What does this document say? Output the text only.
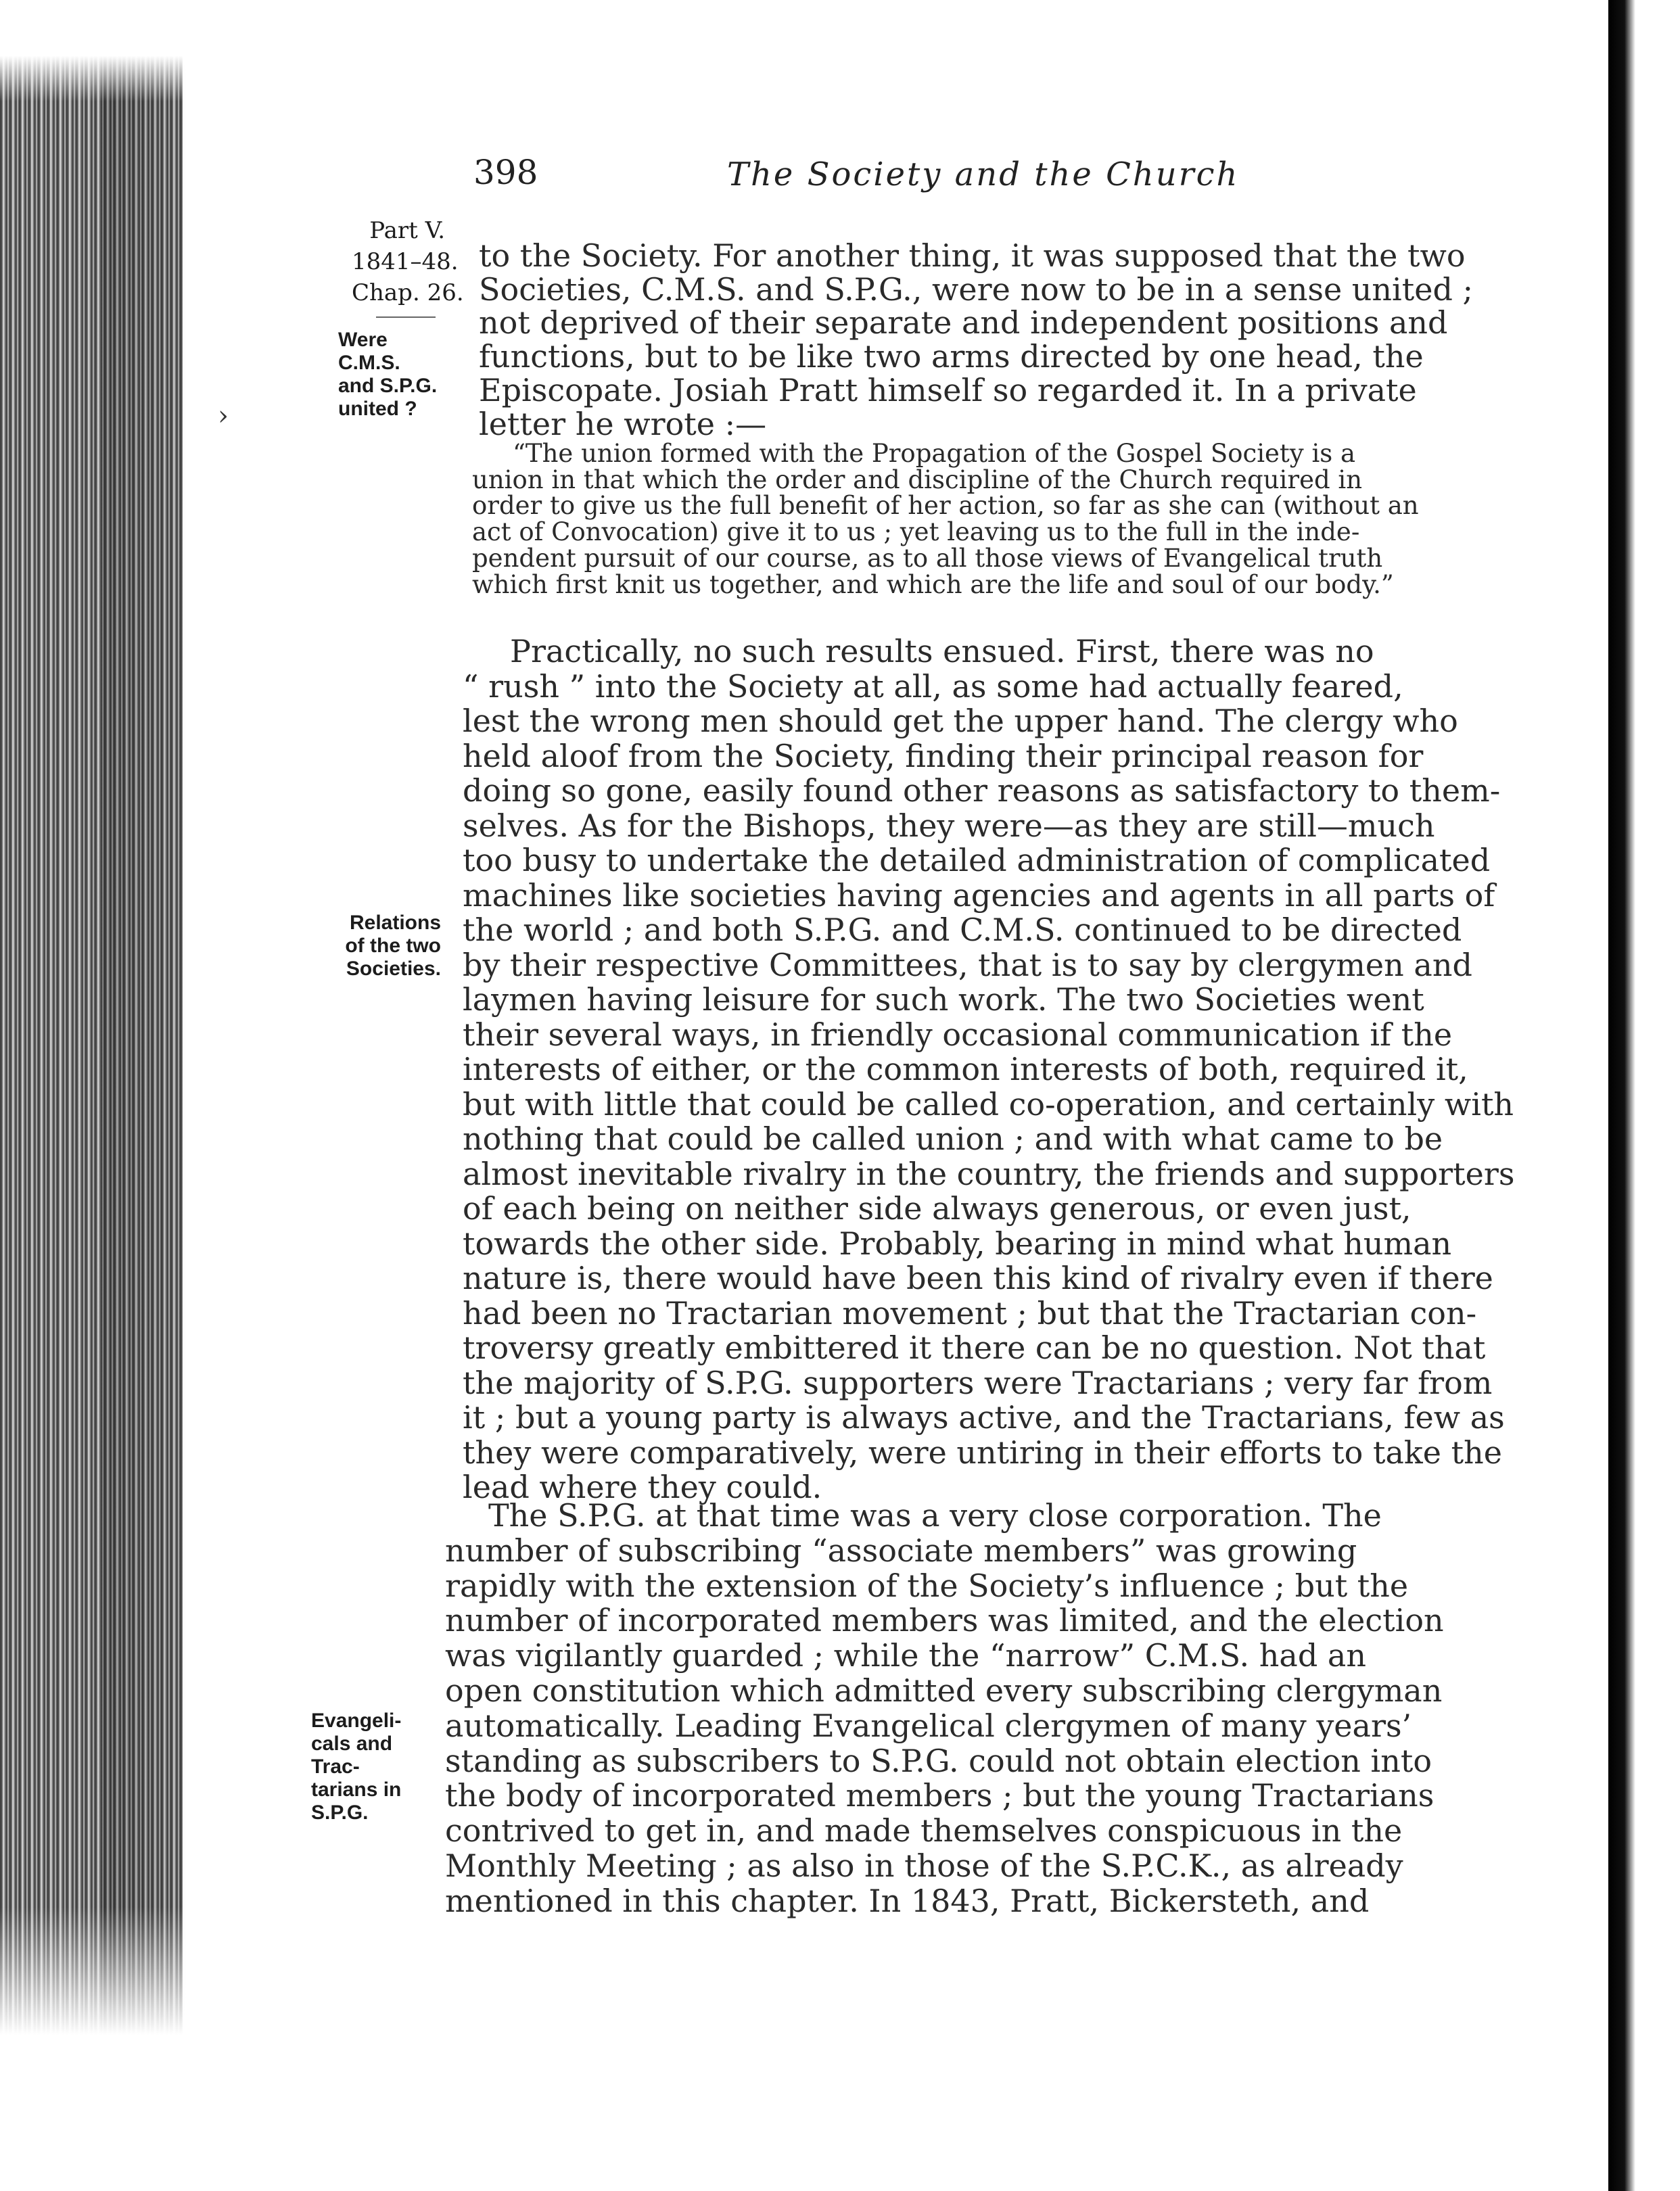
›
398	The Society and the Church
Part V.
1841–48.
Chap. 26.
Were
C.M.S.
and S.P.G.
united ?
Relations
of the two
Societies.
Evangeli-
cals and
Trac-
tarians in
S.P.G.
to the Society. For another thing, it was supposed that the two
Societies, C.M.S. and S.P.G., were now to be in a sense united ;
not deprived of their separate and independent positions and
functions, but to be like two arms directed by one head, the
Episcopate. Josiah Pratt himself so regarded it. In a private
letter he wrote :—
“The union formed with the Propagation of the Gospel Society is a
union in that which the order and discipline of the Church required in
order to give us the full benefit of her action, so far as she can (without an
act of Convocation) give it to us ; yet leaving us to the full in the inde-
pendent pursuit of our course, as to all those views of Evangelical truth
which first knit us together, and which are the life and soul of our body.”
Practically, no such results ensued. First, there was no
“ rush ” into the Society at all, as some had actually feared,
lest the wrong men should get the upper hand. The clergy who
held aloof from the Society, finding their principal reason for
doing so gone, easily found other reasons as satisfactory to them-
selves. As for the Bishops, they were—as they are still—much
too busy to undertake the detailed administration of complicated
machines like societies having agencies and agents in all parts of
the world ; and both S.P.G. and C.M.S. continued to be directed
by their respective Committees, that is to say by clergymen and
laymen having leisure for such work. The two Societies went
their several ways, in friendly occasional communication if the
interests of either, or the common interests of both, required it,
but with little that could be called co-operation, and certainly with
nothing that could be called union ; and with what came to be
almost inevitable rivalry in the country, the friends and supporters
of each being on neither side always generous, or even just,
towards the other side. Probably, bearing in mind what human
nature is, there would have been this kind of rivalry even if there
had been no Tractarian movement ; but that the Tractarian con-
troversy greatly embittered it there can be no question. Not that
the majority of S.P.G. supporters were Tractarians ; very far from
it ; but a young party is always active, and the Tractarians, few as
they were comparatively, were untiring in their efforts to take the
lead where they could.
The S.P.G. at that time was a very close corporation. The
number of subscribing “associate members” was growing
rapidly with the extension of the Society’s influence ; but the
number of incorporated members was limited, and the election
was vigilantly guarded ; while the “narrow” C.M.S. had an
open constitution which admitted every subscribing clergyman
automatically. Leading Evangelical clergymen of many years’
standing as subscribers to S.P.G. could not obtain election into
the body of incorporated members ; but the young Tractarians
contrived to get in, and made themselves conspicuous in the
Monthly Meeting ; as also in those of the S.P.C.K., as already
mentioned in this chapter. In 1843, Pratt, Bickersteth, and
